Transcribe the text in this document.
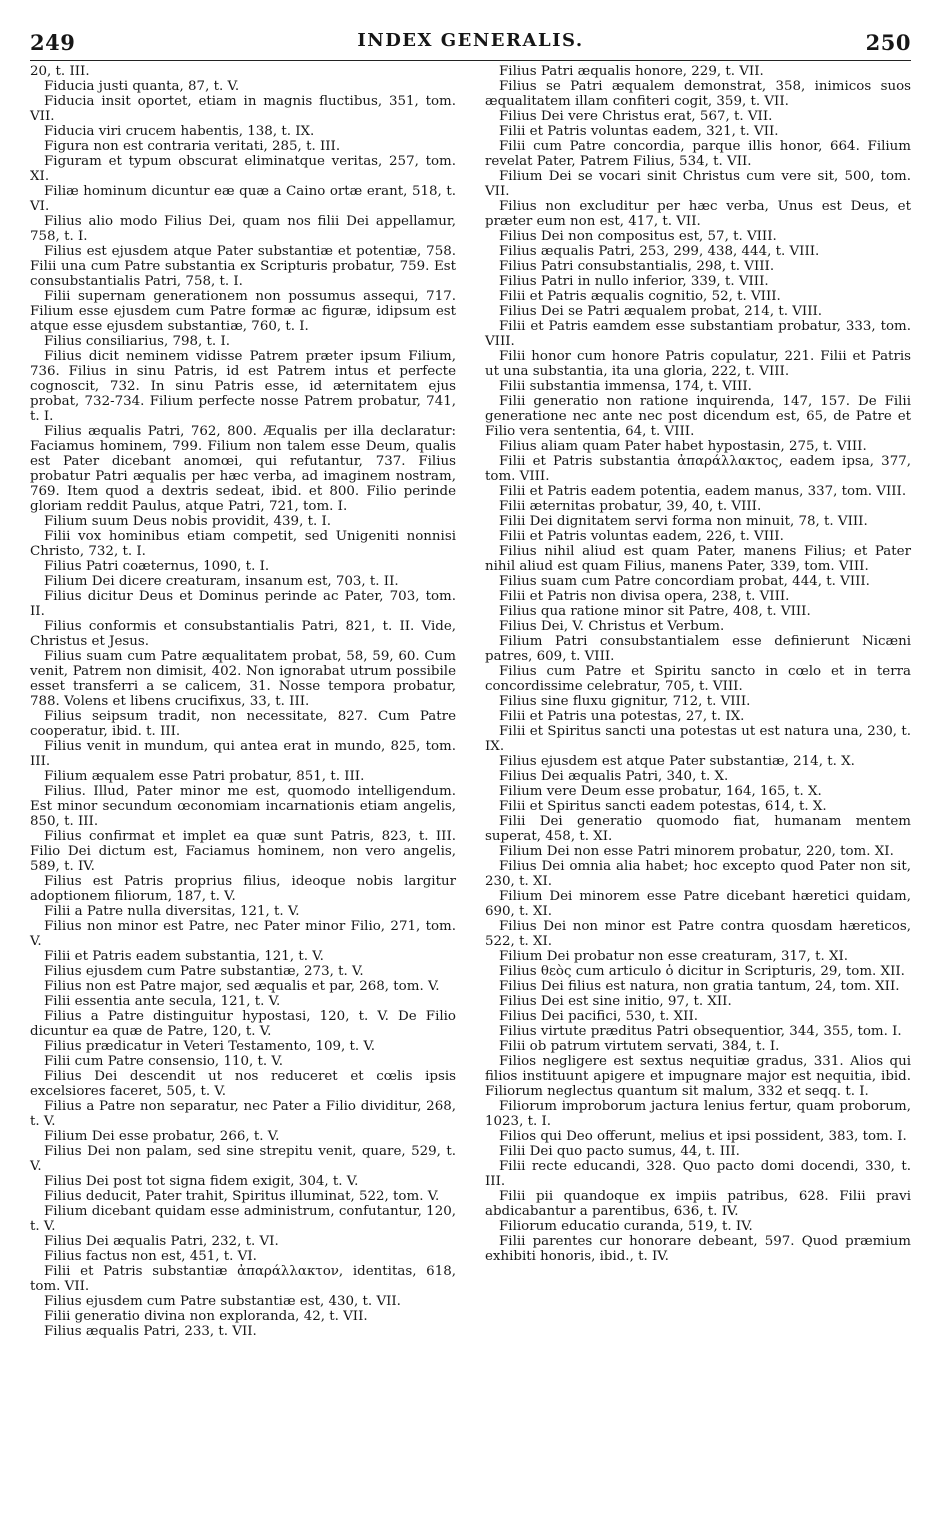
249	INDEX GENERALIS.	250

20, t. III.

Fiducia justi quanta, 87, t. V.

Fiducia insit oportet, etiam in magnis fluctibus, 351, tom. VII.

Fiducia viri crucem habentis, 138, t. IX.

Figura non est contraria veritati, 285, t. III.

Figuram et typum obscurat eliminatque veritas, 257, tom. XI.

Filiæ hominum dicuntur eæ quæ a Caino ortæ erant, 518, t. VI.

Filius alio modo Filius Dei, quam nos filii Dei appellamur, 758, t. I.

Filius est ejusdem atque Pater substantiæ et potentiæ, 758. Filii una cum Patre substantia ex Scripturis probatur, 759. Est consubstantialis Patri, 758, t. I.

Filii supernam generationem non possumus assequi, 717. Filium esse ejusdem cum Patre formæ ac figuræ, idipsum est atque esse ejusdem substantiæ, 760, t. I.

Filius consiliarius, 798, t. I.

Filius dicit neminem vidisse Patrem præter ipsum Filium, 736. Filius in sinu Patris, id est Patrem intus et perfecte cognoscit, 732. In sinu Patris esse, id æternitatem ejus probat, 732-734. Filium perfecte nosse Patrem probatur, 741, t. I.

Filius æqualis Patri, 762, 800. Æqualis per illa declaratur: Faciamus hominem, 799. Filium non talem esse Deum, qualis est Pater dicebant anomœi, qui refutantur, 737. Filius probatur Patri æqualis per hæc verba, ad imaginem nostram, 769. Item quod a dextris sedeat, ibid. et 800. Filio perinde gloriam reddit Paulus, atque Patri, 721, tom. I.

Filium suum Deus nobis providit, 439, t. I.

Filii vox hominibus etiam competit, sed Unigeniti nonnisi Christo, 732, t. I.

Filius Patri coæternus, 1090, t. I.

Filium Dei dicere creaturam, insanum est, 703, t. II.

Filius dicitur Deus et Dominus perinde ac Pater, 703, tom. II.

Filius conformis et consubstantialis Patri, 821, t. II. Vide, Christus et Jesus.

Filius suam cum Patre æqualitatem probat, 58, 59, 60. Cum venit, Patrem non dimisit, 402. Non ignorabat utrum possibile esset transferri a se calicem, 31. Nosse tempora probatur, 788. Volens et libens crucifixus, 33, t. III.

Filius seipsum tradit, non necessitate, 827. Cum Patre cooperatur, ibid. t. III.

Filius venit in mundum, qui antea erat in mundo, 825, tom. III.

Filium æqualem esse Patri probatur, 851, t. III.

Filius. Illud, Pater minor me est, quomodo intelligendum. Est minor secundum œconomiam incarnationis etiam angelis, 850, t. III.

Filius confirmat et implet ea quæ sunt Patris, 823, t. III. Filio Dei dictum est, Faciamus hominem, non vero angelis, 589, t. IV.

Filius est Patris proprius filius, ideoque nobis largitur adoptionem filiorum, 187, t. V.

Filii a Patre nulla diversitas, 121, t. V.

Filius non minor est Patre, nec Pater minor Filio, 271, tom. V.

Filii et Patris eadem substantia, 121, t. V.

Filius ejusdem cum Patre substantiæ, 273, t. V.

Filius non est Patre major, sed æqualis et par, 268, tom. V.

Filii essentia ante secula, 121, t. V.

Filius a Patre distinguitur hypostasi, 120, t. V. De Filio dicuntur ea quæ de Patre, 120, t. V.

Filius prædicatur in Veteri Testamento, 109, t. V.

Filii cum Patre consensio, 110, t. V.

Filius Dei descendit ut nos reduceret et cœlis ipsis excelsiores faceret, 505, t. V.

Filius a Patre non separatur, nec Pater a Filio dividitur, 268, t. V.

Filium Dei esse probatur, 266, t. V.

Filius Dei non palam, sed sine strepitu venit, quare, 529, t. V.

Filius Dei post tot signa fidem exigit, 304, t. V.

Filius deducit, Pater trahit, Spiritus illuminat, 522, tom. V.

Filium dicebant quidam esse administrum, confutantur, 120, t. V.

Filius Dei æqualis Patri, 232, t. VI.

Filius factus non est, 451, t. VI.

Filii et Patris substantiæ ἀπαράλλακτον, identitas, 618, tom. VII.

Filius ejusdem cum Patre substantiæ est, 430, t. VII.

Filii generatio divina non exploranda, 42, t. VII.

Filius æqualis Patri, 233, t. VII.

Filius Patri æqualis honore, 229, t. VII.

Filius se Patri æqualem demonstrat, 358, inimicos suos æqualitatem illam confiteri cogit, 359, t. VII.

Filius Dei vere Christus erat, 567, t. VII.

Filii et Patris voluntas eadem, 321, t. VII.

Filii cum Patre concordia, parque illis honor, 664. Filium revelat Pater, Patrem Filius, 534, t. VII.

Filium Dei se vocari sinit Christus cum vere sit, 500, tom. VII.

Filius non excluditur per hæc verba, Unus est Deus, et præter eum non est, 417, t. VII.

Filius Dei non compositus est, 57, t. VIII.

Filius æqualis Patri, 253, 299, 438, 444, t. VIII.

Filius Patri consubstantialis, 298, t. VIII.

Filius Patri in nullo inferior, 339, t. VIII.

Filii et Patris æqualis cognitio, 52, t. VIII.

Filius Dei se Patri æqualem probat, 214, t. VIII.

Filii et Patris eamdem esse substantiam probatur, 333, tom. VIII.

Filii honor cum honore Patris copulatur, 221. Filii et Patris ut una substantia, ita una gloria, 222, t. VIII.

Filii substantia immensa, 174, t. VIII.

Filii generatio non ratione inquirenda, 147, 157. De Filii generatione nec ante nec post dicendum est, 65, de Patre et Filio vera sententia, 64, t. VIII.

Filius aliam quam Pater habet hypostasin, 275, t. VIII.

Filii et Patris substantia ἀπαράλλακτος, eadem ipsa, 377, tom. VIII.

Filii et Patris eadem potentia, eadem manus, 337, tom. VIII.

Filii æternitas probatur, 39, 40, t. VIII.

Filii Dei dignitatem servi forma non minuit, 78, t. VIII.

Filii et Patris voluntas eadem, 226, t. VIII.

Filius nihil aliud est quam Pater, manens Filius; et Pater nihil aliud est quam Filius, manens Pater, 339, tom. VIII.

Filius suam cum Patre concordiam probat, 444, t. VIII.

Filii et Patris non divisa opera, 238, t. VIII.

Filius qua ratione minor sit Patre, 408, t. VIII.

Filius Dei, V. Christus et Verbum.

Filium Patri consubstantialem esse definierunt Nicæni patres, 609, t. VIII.

Filius cum Patre et Spiritu sancto in cœlo et in terra concordissime celebratur, 705, t. VIII.

Filius sine fluxu gignitur, 712, t. VIII.

Filii et Patris una potestas, 27, t. IX.

Filii et Spiritus sancti una potestas ut est natura una, 230, t. IX.

Filius ejusdem est atque Pater substantiæ, 214, t. X.

Filius Dei æqualis Patri, 340, t. X.

Filium vere Deum esse probatur, 164, 165, t. X.

Filii et Spiritus sancti eadem potestas, 614, t. X.

Filii Dei generatio quomodo fiat, humanam mentem superat, 458, t. XI.

Filium Dei non esse Patri minorem probatur, 220, tom. XI.

Filius Dei omnia alia habet; hoc excepto quod Pater non sit, 230, t. XI.

Filium Dei minorem esse Patre dicebant hæretici quidam, 690, t. XI.

Filius Dei non minor est Patre contra quosdam hæreticos, 522, t. XI.

Filium Dei probatur non esse creaturam, 317, t. XI.

Filius θεὸς cum articulo ὁ dicitur in Scripturis, 29, tom. XII.

Filius Dei filius est natura, non gratia tantum, 24, tom. XII.

Filius Dei est sine initio, 97, t. XII.

Filius Dei pacifici, 530, t. XII.

Filius virtute præditus Patri obsequentior, 344, 355, tom. I.

Filii ob patrum virtutem servati, 384, t. I.

Filios negligere est sextus nequitiæ gradus, 331. Alios qui filios instituunt apigere et impugnare major est nequitia, ibid. Filiorum neglectus quantum sit malum, 332 et seqq. t. I.

Filiorum improborum jactura lenius fertur, quam proborum, 1023, t. I.

Filios qui Deo offerunt, melius et ipsi possident, 383, tom. I.

Filii Dei quo pacto sumus, 44, t. III.

Filii recte educandi, 328. Quo pacto domi docendi, 330, t. III.

Filii pii quandoque ex impiis patribus, 628. Filii pravi abdicabantur a parentibus, 636, t. IV.

Filiorum educatio curanda, 519, t. IV.

Filii parentes cur honorare debeant, 597. Quod præmium exhibiti honoris, ibid., t. IV.
